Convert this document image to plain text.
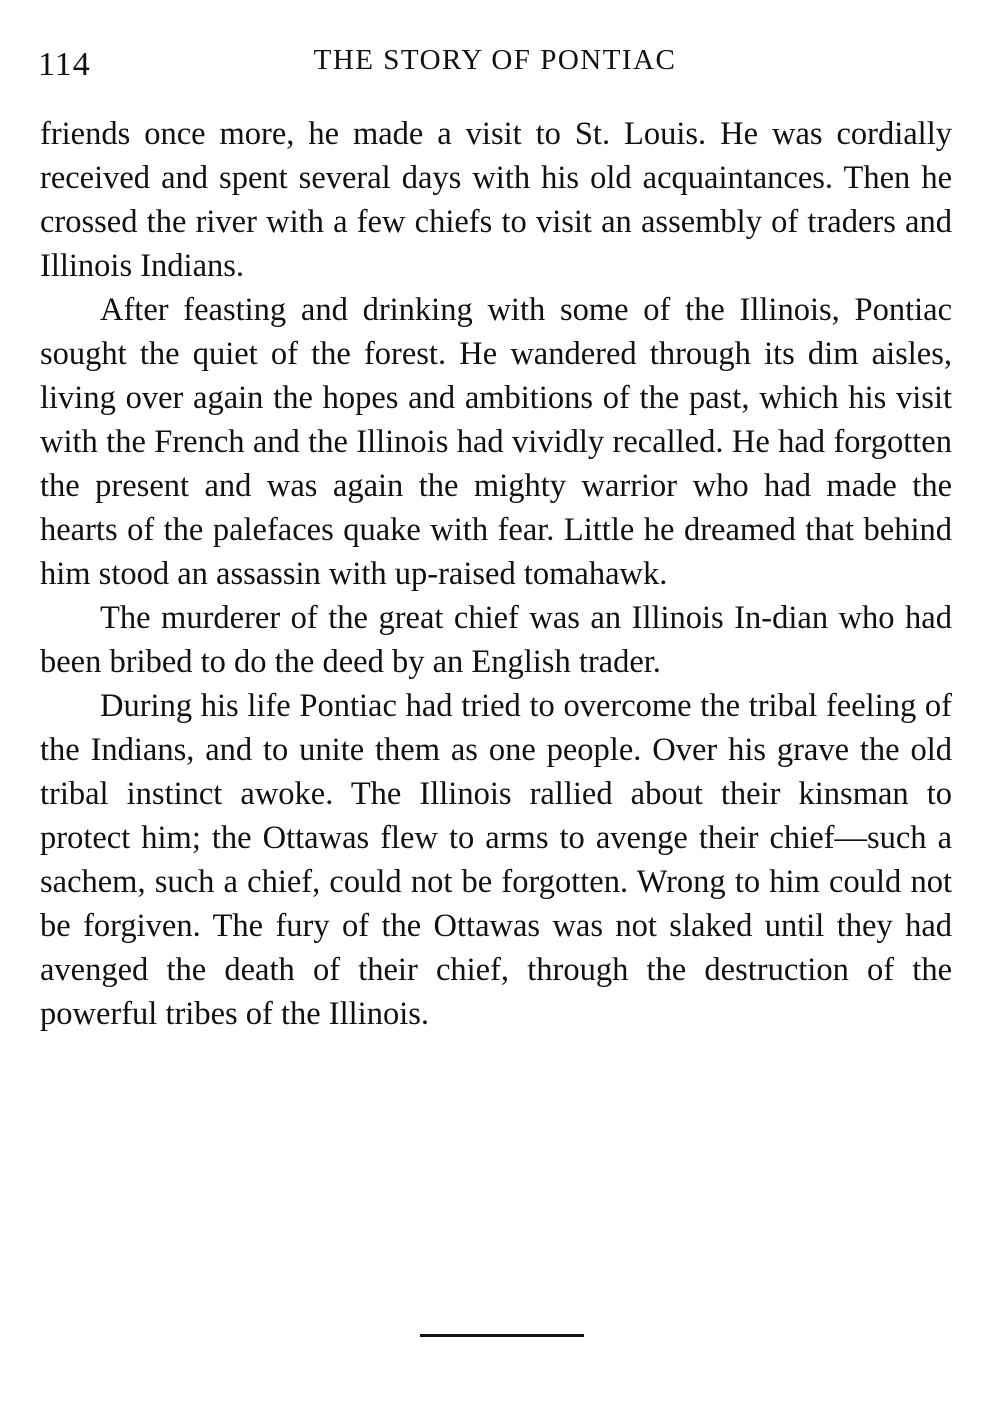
114	THE STORY OF PONTIAC

friends once more, he made a visit to St. Louis. He was cordially received and spent several days with his old acquaintances. Then he crossed the river with a few chiefs to visit an assembly of traders and Illinois Indians.

After feasting and drinking with some of the Illinois, Pontiac sought the quiet of the forest. He wandered through its dim aisles, living over again the hopes and ambitions of the past, which his visit with the French and the Illinois had vividly recalled. He had forgotten the present and was again the mighty warrior who had made the hearts of the palefaces quake with fear. Little he dreamed that behind him stood an assassin with up-raised tomahawk.

The murderer of the great chief was an Illinois In-dian who had been bribed to do the deed by an English trader.

During his life Pontiac had tried to overcome the tribal feeling of the Indians, and to unite them as one people. Over his grave the old tribal instinct awoke. The Illinois rallied about their kinsman to protect him; the Ottawas flew to arms to avenge their chief—such a sachem, such a chief, could not be forgotten. Wrong to him could not be forgiven. The fury of the Ottawas was not slaked until they had avenged the death of their chief, through the destruction of the powerful tribes of the Illinois.
